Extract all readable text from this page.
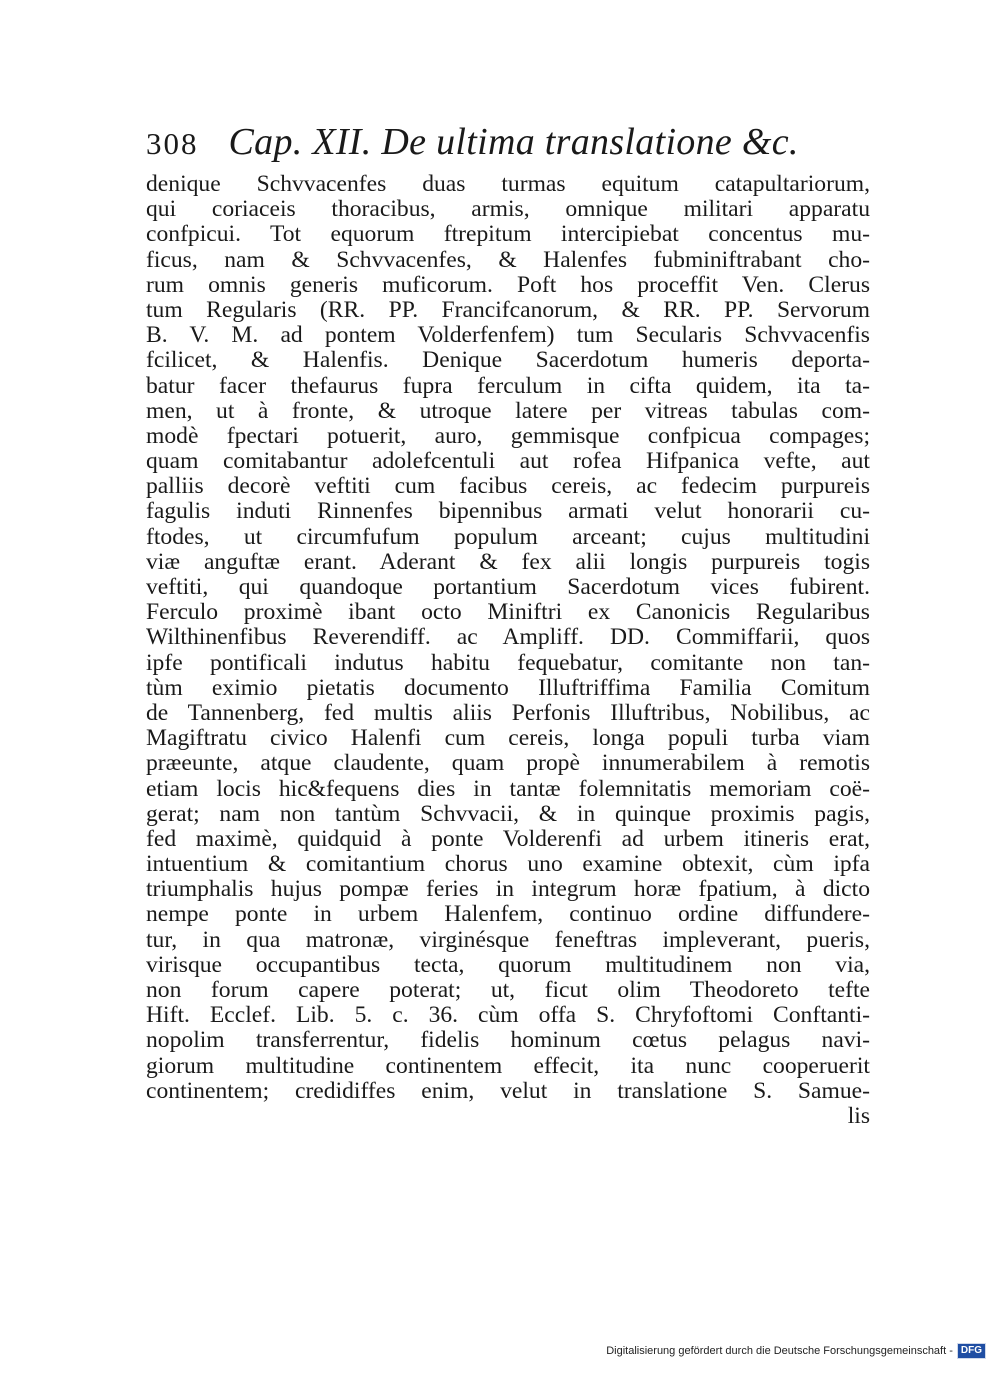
308 Cap. XII. De ultima translatione &c.
denique Schvvacenfes duas turmas equitum catapultariorum,
qui coriaceis thoracibus, armis, omnique militari apparatu
confpicui. Tot equorum ftrepitum intercipiebat concentus mu-
ficus, nam & Schvvacenfes, & Halenfes fubminiftrabant cho-
rum omnis generis muficorum. Poft hos proceffit Ven. Clerus
tum Regularis (RR. PP. Francifcanorum, & RR. PP. Servorum
B. V. M. ad pontem Volderfenfem) tum Secularis Schvvacenfis
fcilicet, & Halenfis. Denique Sacerdotum humeris deporta-
batur facer thefaurus fupra ferculum in cifta quidem, ita ta-
men, ut à fronte, & utroque latere per vitreas tabulas com-
modè fpectari potuerit, auro, gemmisque confpicua compages;
quam comitabantur adolefcentuli aut rofea Hifpanica vefte, aut
palliis decorè veftiti cum facibus cereis, ac fedecim purpureis
fagulis induti Rinnenfes bipennibus armati velut honorarii cu-
ftodes, ut circumfufum populum arceant; cujus multitudini
viæ anguftæ erant. Aderant & fex alii longis purpureis togis
veftiti, qui quandoque portantium Sacerdotum vices fubirent.
Ferculo proximè ibant octo Miniftri ex Canonicis Regularibus
Wilthinenfibus Reverendiff. ac Ampliff. DD. Commiffarii, quos
ipfe pontificali indutus habitu fequebatur, comitante non tan-
tùm eximio pietatis documento Illuftriffima Familia Comitum
de Tannenberg, fed multis aliis Perfonis Illuftribus, Nobilibus, ac
Magiftratu civico Halenfi cum cereis, longa populi turba viam
præeunte, atque claudente, quam propè innumerabilem à remotis
etiam locis hic&fequens dies in tantæ folemnitatis memoriam coë-
gerat; nam non tantùm Schvvacii, & in quinque proximis pagis,
fed maximè, quidquid à ponte Volderenfi ad urbem itineris erat,
intuentium & comitantium chorus uno examine obtexit, cùm ipfa
triumphalis hujus pompæ feries in integrum horæ fpatium, à dicto
nempe ponte in urbem Halenfem, continuo ordine diffundere-
tur, in qua matronæ, virginésque feneftras impleverant, pueris,
virisque occupantibus tecta, quorum multitudinem non via,
non forum capere poterat; ut, ficut olim Theodoreto tefte
Hift. Ecclef. Lib. 5. c. 36. cùm offa S. Chryfoftomi Conftanti-
nopolim transferrentur, fidelis hominum cœtus pelagus navi-
giorum multitudine continentem effecit, ita nunc cooperuerit
continentem; credidiffes enim, velut in translatione S. Samue-
lis
Digitalisierung gefördert durch die Deutsche Forschungsgemeinschaft - DFG
